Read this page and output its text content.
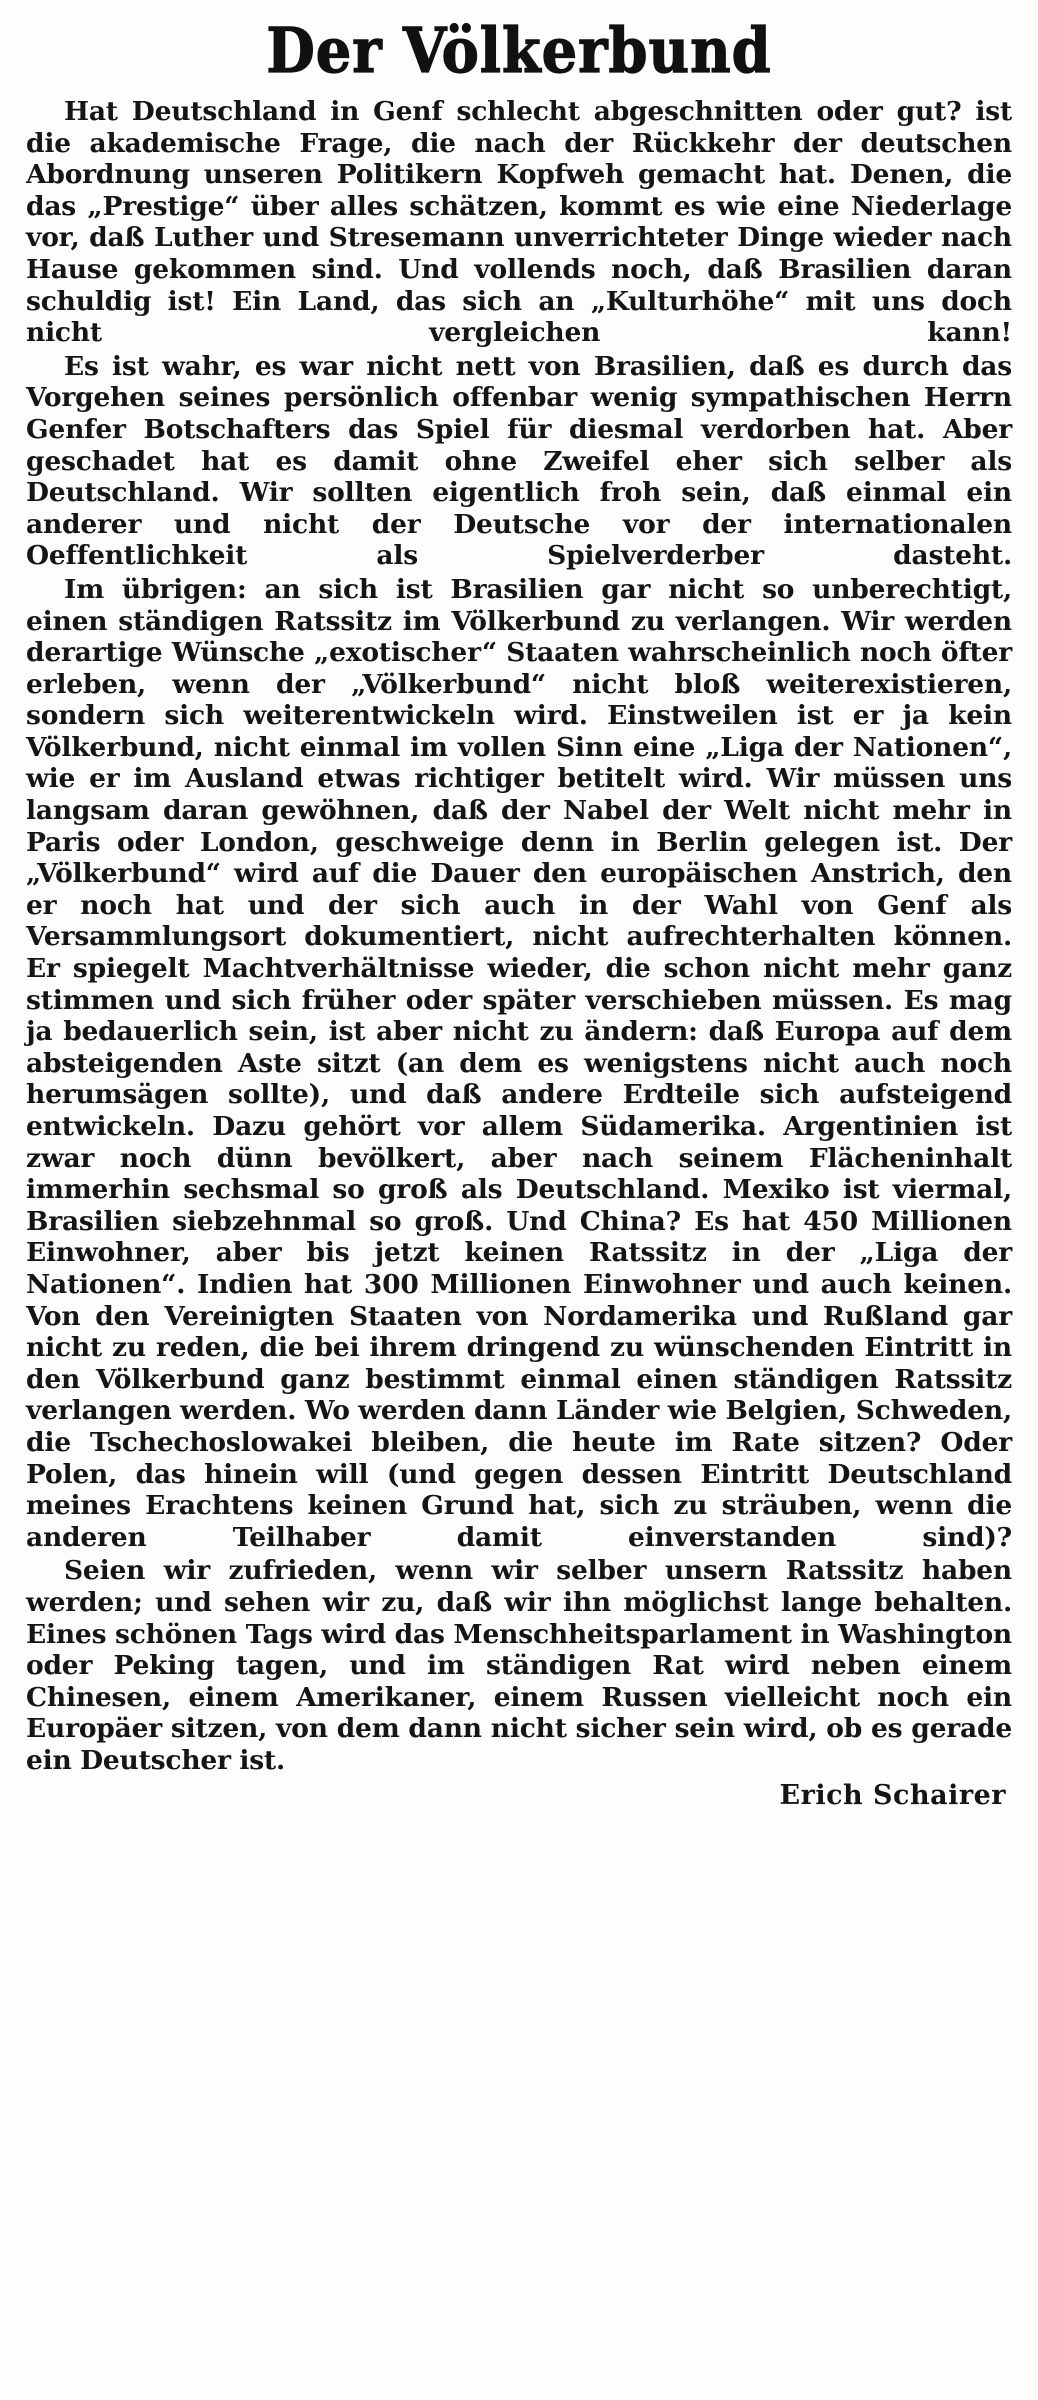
Der Völkerbund

Hat Deutschland in Genf schlecht abgeschnitten oder gut? ist die akademische Frage, die nach der Rückkehr der deutschen Abordnung unseren Politikern Kopfweh gemacht hat. Denen, die das „Prestige“ über alles schätzen, kommt es wie eine Niederlage vor, daß Luther und Stresemann unverrichteter Dinge wieder nach Hause gekommen sind. Und vollends noch, daß Brasilien daran schuldig ist! Ein Land, das sich an „Kulturhöhe“ mit uns doch nicht vergleichen kann!

Es ist wahr, es war nicht nett von Brasilien, daß es durch das Vorgehen seines persönlich offenbar wenig sympathischen Herrn Genfer Botschafters das Spiel für diesmal verdorben hat. Aber geschadet hat es damit ohne Zweifel eher sich selber als Deutschland. Wir sollten eigentlich froh sein, daß einmal ein anderer und nicht der Deutsche vor der internationalen Oeffentlichkeit als Spielverderber dasteht.

Im übrigen: an sich ist Brasilien gar nicht so unberechtigt, einen ständigen Ratssitz im Völkerbund zu verlangen. Wir werden derartige Wünsche „exotischer“ Staaten wahrscheinlich noch öfter erleben, wenn der „Völkerbund“ nicht bloß weiterexistieren, sondern sich weiterentwickeln wird. Einstweilen ist er ja kein Völkerbund, nicht einmal im vollen Sinn eine „Liga der Nationen“, wie er im Ausland etwas richtiger betitelt wird. Wir müssen uns langsam daran gewöhnen, daß der Nabel der Welt nicht mehr in Paris oder London, geschweige denn in Berlin gelegen ist. Der „Völkerbund“ wird auf die Dauer den europäischen Anstrich, den er noch hat und der sich auch in der Wahl von Genf als Versammlungsort dokumentiert, nicht aufrechterhalten können. Er spiegelt Machtverhältnisse wieder, die schon nicht mehr ganz stimmen und sich früher oder später verschieben müssen. Es mag ja bedauerlich sein, ist aber nicht zu ändern: daß Europa auf dem absteigenden Aste sitzt (an dem es wenigstens nicht auch noch herumsägen sollte), und daß andere Erdteile sich aufsteigend entwickeln. Dazu gehört vor allem Südamerika. Argentinien ist zwar noch dünn bevölkert, aber nach seinem Flächeninhalt immerhin sechsmal so groß als Deutschland. Mexiko ist viermal, Brasilien siebzehnmal so groß. Und China? Es hat 450 Millionen Einwohner, aber bis jetzt keinen Ratssitz in der „Liga der Nationen“. Indien hat 300 Millionen Einwohner und auch keinen. Von den Vereinigten Staaten von Nordamerika und Rußland gar nicht zu reden, die bei ihrem dringend zu wünschenden Eintritt in den Völkerbund ganz bestimmt einmal einen ständigen Ratssitz verlangen werden. Wo werden dann Länder wie Belgien, Schweden, die Tschechoslowakei bleiben, die heute im Rate sitzen? Oder Polen, das hinein will (und gegen dessen Eintritt Deutschland meines Erachtens keinen Grund hat, sich zu sträuben, wenn die anderen Teilhaber damit einverstanden sind)?

Seien wir zufrieden, wenn wir selber unsern Ratssitz haben werden; und sehen wir zu, daß wir ihn möglichst lange behalten. Eines schönen Tags wird das Menschheitsparlament in Washington oder Peking tagen, und im ständigen Rat wird neben einem Chinesen, einem Amerikaner, einem Russen vielleicht noch ein Europäer sitzen, von dem dann nicht sicher sein wird, ob es gerade ein Deutscher ist.

Erich Schairer
